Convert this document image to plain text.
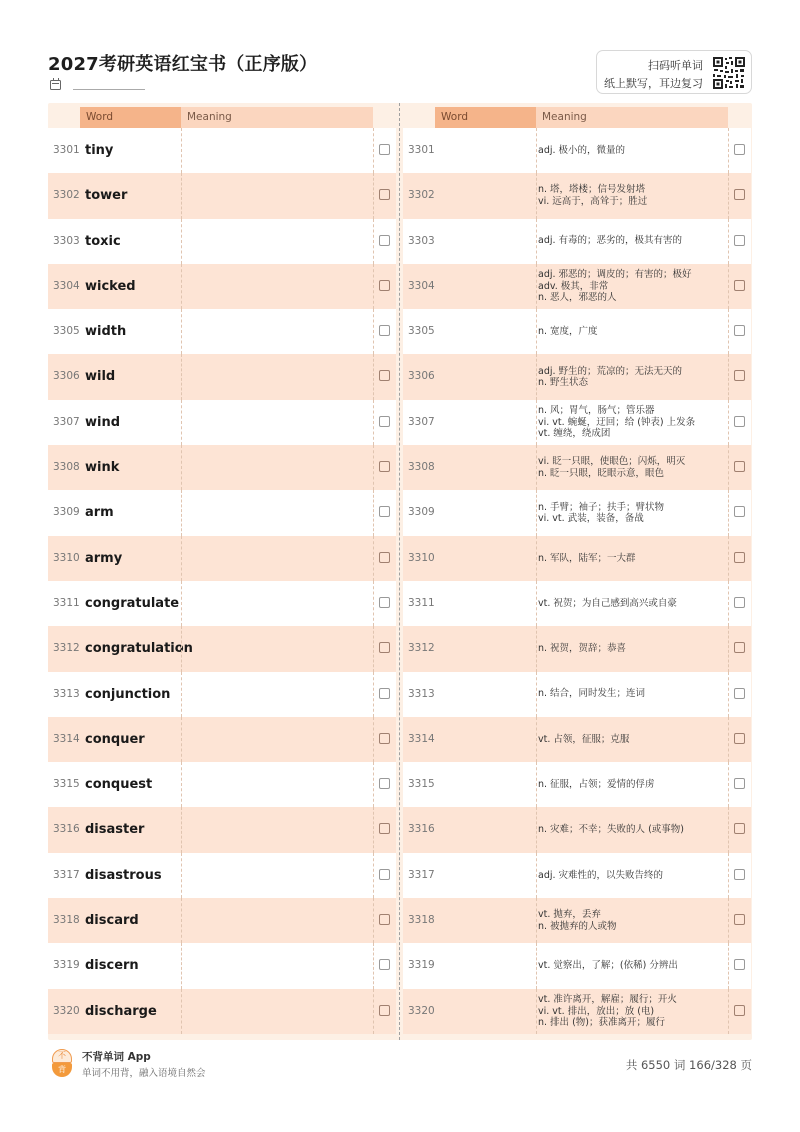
2027考研英语红宝书（正序版）	扫码听单词
纸上默写，耳边复习
Word	Meaning
3301 tiny
3302 tower
3303 toxic
3304 wicked
3305 width
3306 wild
3307 wind
3308 wink
3309 arm
3310 army
3311 congratulate
3312 congratulation
3313 conjunction
3314 conquer
3315 conquest
3316 disaster
3317 disastrous
3318 discard
3319 discern
3320 discharge
Word	Meaning
3301	adj. 极小的，微量的
3302	n. 塔，塔楼；信号发射塔
vi. 远高于，高耸于；胜过
3303	adj. 有毒的；恶劣的，极其有害的
3304
adj. 邪恶的；调皮的；有害的；极好
adv. 极其，非常
n. 恶人，邪恶的人
3305	n. 宽度，广度
3306	adj. 野生的；荒凉的；无法无天的
n. 野生状态
3307
n. 风；胃气，肠气；管乐器
vi. vt. 蜿蜒，迂回；给 (钟表) 上发条
vt. 缠绕，绕成团
3308	vi. 眨一只眼，使眼色；闪烁，明灭
n. 眨一只眼，眨眼示意，眼色
3309	n. 手臂；袖子；扶手；臂状物
vi. vt. 武装，装备，备战
3310	n. 军队，陆军；一大群
3311	vt. 祝贺；为自己感到高兴或自豪
3312	n. 祝贺，贺辞；恭喜
3313	n. 结合，同时发生；连词
3314	vt. 占领，征服；克服
3315	n. 征服，占领；爱情的俘虏
3316	n. 灾难；不幸；失败的人 (或事物)
3317	adj. 灾难性的，以失败告终的
3318	vt. 抛弃，丢弃
n. 被抛弃的人或物
3319	vt. 觉察出，了解；(依稀) 分辨出
3320
vt. 准许离开，解雇；履行；开火
vi. vt. 排出，放出；放 (电)
n. 排出 (物)；获准离开；履行
不
背
不背单词 App
单词不用背，融入语境自然会
共 6550 词 166/328 页
